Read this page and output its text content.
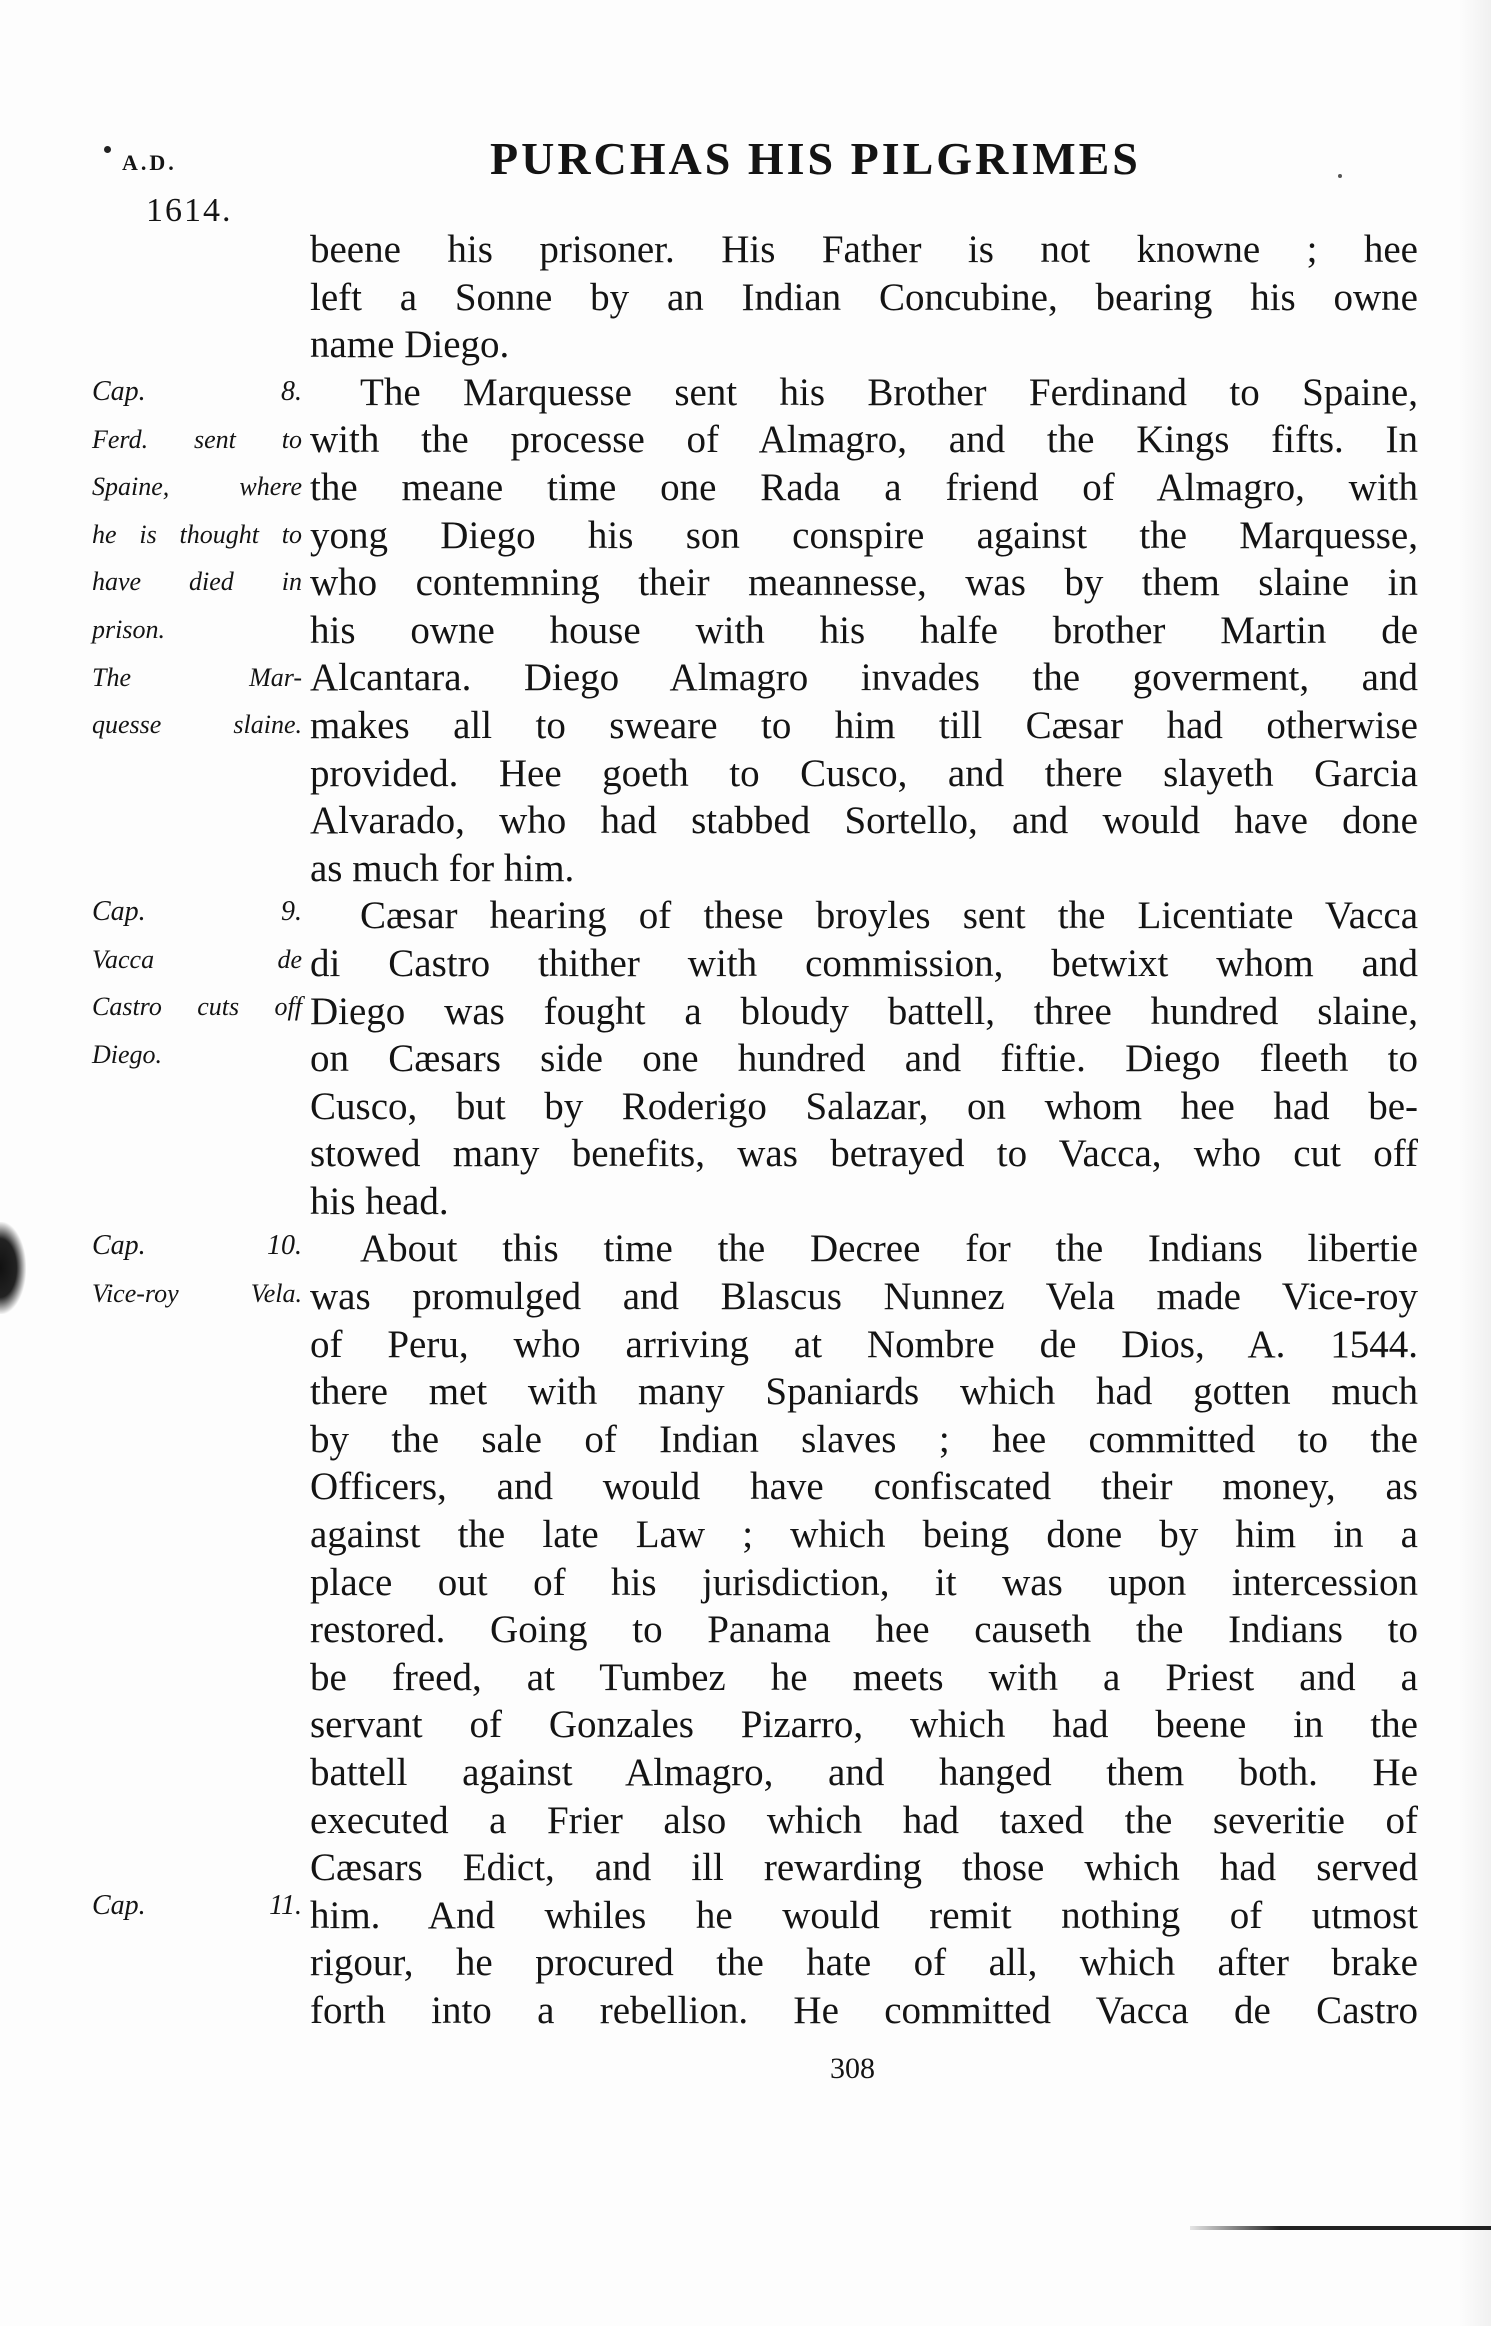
A.D.
1614.
PURCHAS HIS PILGRIMES
Cap. 8.
Ferd. sent to
Spaine, where
he is thought to
have died in
prison.
The Mar-
quesse slaine.
Cap. 9.
Vacca de
Castro cuts off
Diego.
Cap. 10.
Vice-roy Vela.
Cap. 11.
beene his prisoner. His Father is not knowne ; hee
left a Sonne by an Indian Concubine, bearing his owne
name Diego.
The Marquesse sent his Brother Ferdinand to Spaine,
with the processe of Almagro, and the Kings fifts. In
the meane time one Rada a friend of Almagro, with
yong Diego his son conspire against the Marquesse,
who contemning their meannesse, was by them slaine in
his owne house with his halfe brother Martin de
Alcantara. Diego Almagro invades the goverment, and
makes all to sweare to him till Cæsar had otherwise
provided. Hee goeth to Cusco, and there slayeth Garcia
Alvarado, who had stabbed Sortello, and would have done
as much for him.
Cæsar hearing of these broyles sent the Licentiate Vacca
di Castro thither with commission, betwixt whom and
Diego was fought a bloudy battell, three hundred slaine,
on Cæsars side one hundred and fiftie. Diego fleeth to
Cusco, but by Roderigo Salazar, on whom hee had be-
stowed many benefits, was betrayed to Vacca, who cut off
his head.
About this time the Decree for the Indians libertie
was promulged and Blascus Nunnez Vela made Vice-roy
of Peru, who arriving at Nombre de Dios, A. 1544.
there met with many Spaniards which had gotten much
by the sale of Indian slaves ; hee committed to the
Officers, and would have confiscated their money, as
against the late Law ; which being done by him in a
place out of his jurisdiction, it was upon intercession
restored. Going to Panama hee causeth the Indians to
be freed, at Tumbez he meets with a Priest and a
servant of Gonzales Pizarro, which had beene in the
battell against Almagro, and hanged them both. He
executed a Frier also which had taxed the severitie of
Cæsars Edict, and ill rewarding those which had served
him. And whiles he would remit nothing of utmost
rigour, he procured the hate of all, which after brake
forth into a rebellion. He committed Vacca de Castro
308
